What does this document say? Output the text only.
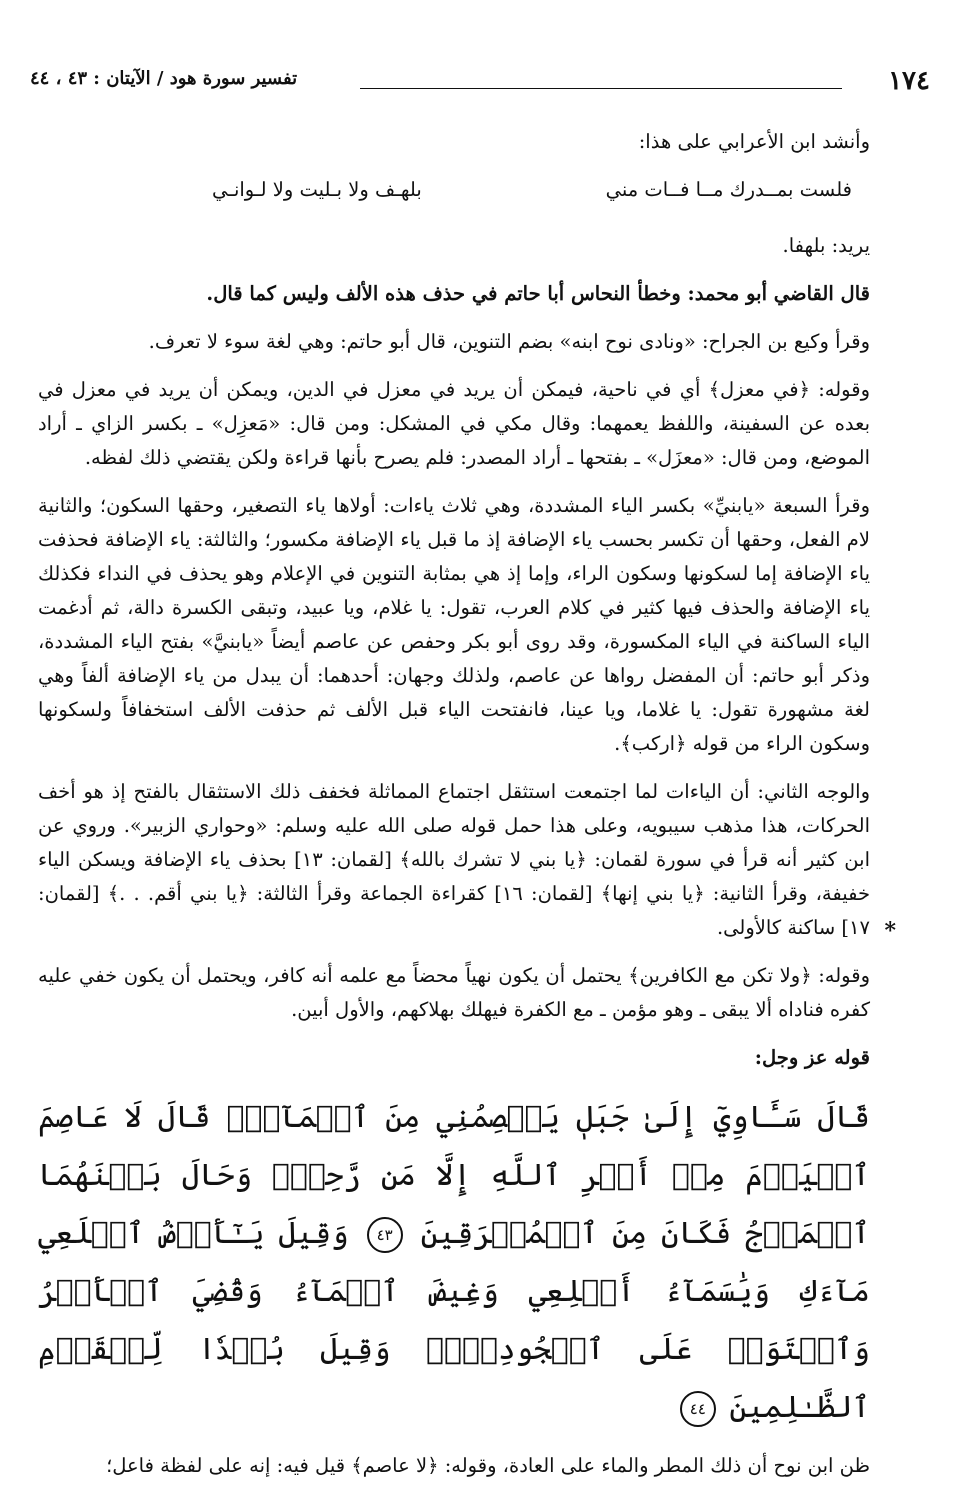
١٧٤
تفسير سورة هود / الآيتان : ٤٣ ، ٤٤

وأنشد ابن الأعرابي على هذا:

فلست بمــدرك مــا فــات مني
بلهـف ولا بـليت ولا لـوانـي

يريد: بلهفا.

قال القاضي أبو محمد: وخطأ النحاس أبا حاتم في حذف هذه الألف وليس كما قال.

وقرأ وكيع بن الجراح: «ونادى نوح ابنه» بضم التنوين، قال أبو حاتم: وهي لغة سوء لا تعرف.

وقوله: ﴿في معزل﴾ أي في ناحية، فيمكن أن يريد في معزل في الدين، ويمكن أن يريد في معزل في بعده عن السفينة، واللفظ يعمهما: وقال مكي في المشكل: ومن قال: «مَعزِل» ـ بكسر الزاي ـ أراد الموضع، ومن قال: «معزَل» ـ بفتحها ـ أراد المصدر: فلم يصرح بأنها قراءة ولكن يقتضي ذلك لفظه.

وقرأ السبعة «يابنيِّ» بكسر الياء المشددة، وهي ثلاث ياءات: أولاها ياء التصغير، وحقها السكون؛ والثانية لام الفعل، وحقها أن تكسر بحسب ياء الإضافة إذ ما قبل ياء الإضافة مكسور؛ والثالثة: ياء الإضافة فحذفت ياء الإضافة إما لسكونها وسكون الراء، وإما إذ هي بمثابة التنوين في الإعلام وهو يحذف في النداء فكذلك ياء الإضافة والحذف فيها كثير في كلام العرب، تقول: يا غلام، ويا عبيد، وتبقى الكسرة دالة، ثم أدغمت الياء الساكنة في الياء المكسورة، وقد روى أبو بكر وحفص عن عاصم أيضاً «يابنيَّ» بفتح الياء المشددة، وذكر أبو حاتم: أن المفضل رواها عن عاصم، ولذلك وجهان: أحدهما: أن يبدل من ياء الإضافة ألفاً وهي لغة مشهورة تقول: يا غلاما، ويا عينا، فانفتحت الياء قبل الألف ثم حذفت الألف استخفافاً ولسكونها وسكون الراء من قوله ﴿اركب﴾.

والوجه الثاني: أن الياءات لما اجتمعت استثقل اجتماع المماثلة فخفف ذلك الاستثقال بالفتح إذ هو أخف الحركات، هذا مذهب سيبويه، وعلى هذا حمل قوله صلى الله عليه وسلم: «وحواري الزبير». وروي عن ابن كثير أنه قرأ في سورة لقمان: ﴿يا بني لا تشرك بالله﴾ [لقمان: ١٣] بحذف ياء الإضافة ويسكن الياء خفيفة، وقرأ الثانية: ﴿يا بني إنها﴾ [لقمان: ١٦] كقراءة الجماعة وقرأ الثالثة: ﴿يا بني أقم. . .﴾ [لقمان: ١٧] ساكنة كالأولى.

وقوله: ﴿ولا تكن مع الكافرين﴾ يحتمل أن يكون نهياً محضاً مع علمه أنه كافر، ويحتمل أن يكون خفي عليه كفره فناداه ألا يبقى ـ وهو مؤمن ـ مع الكفرة فيهلك بهلاكهم، والأول أبين.

قوله عز وجل:

قَالَ سَـَٔاوِيٓ إِلَىٰ جَبَلٖ يَعۡصِمُنِي مِنَ ٱلۡمَآءِۚ قَالَ لَا عَاصِمَ ٱلۡيَوۡمَ مِنۡ أَمۡرِ ٱللَّهِ إِلَّا مَن رَّحِمَۚ وَحَالَ بَيۡنَهُمَا ٱلۡمَوۡجُ فَكَانَ مِنَ ٱلۡمُغۡرَقِينَ ٤٣ وَقِيلَ يَـٰٓأَرۡضُ ٱبۡلَعِي مَآءَكِ وَيَٰسَمَآءُ أَقۡلِعِي وَغِيضَ ٱلۡمَآءُ وَقُضِيَ ٱلۡأَمۡرُ وَٱسۡتَوَتۡ عَلَى ٱلۡجُودِيِّۖ وَقِيلَ بُعۡدٗا لِّلۡقَوۡمِ ٱلظَّـٰلِمِينَ ٤٤

ظن ابن نوح أن ذلك المطر والماء على العادة، وقوله: ﴿لا عاصم﴾ قيل فيه: إنه على لفظة فاعل؛

*
